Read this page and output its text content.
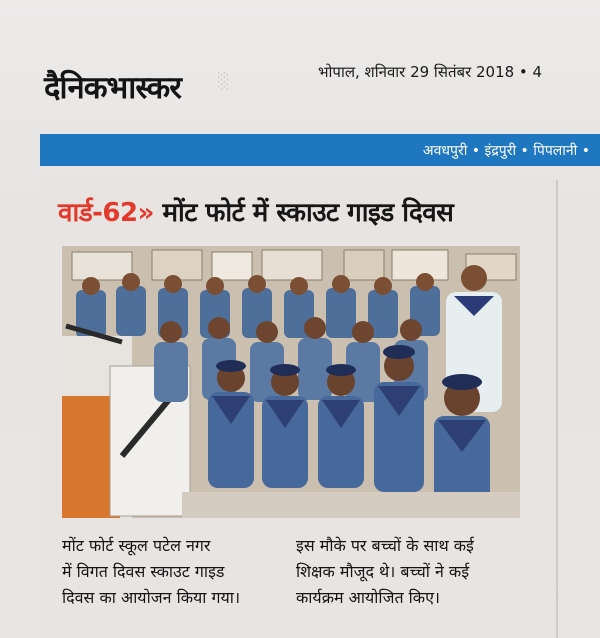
░
दैनिकभास्कर	भोपाल, शनिवार 29 सितंबर 2018 • 4
अवधपुरी • इंद्रपुरी • पिपलानी •
वार्ड-62» मोंट फोर्ट में स्काउट गाइड दिवस
मोंट फोर्ट स्कूल पटेल नगर
में विगत दिवस स्काउट गाइड
दिवस का आयोजन किया गया।
इस मौके पर बच्चों के साथ कई
शिक्षक मौजूद थे। बच्चों ने कई
कार्यक्रम आयोजित किए।
